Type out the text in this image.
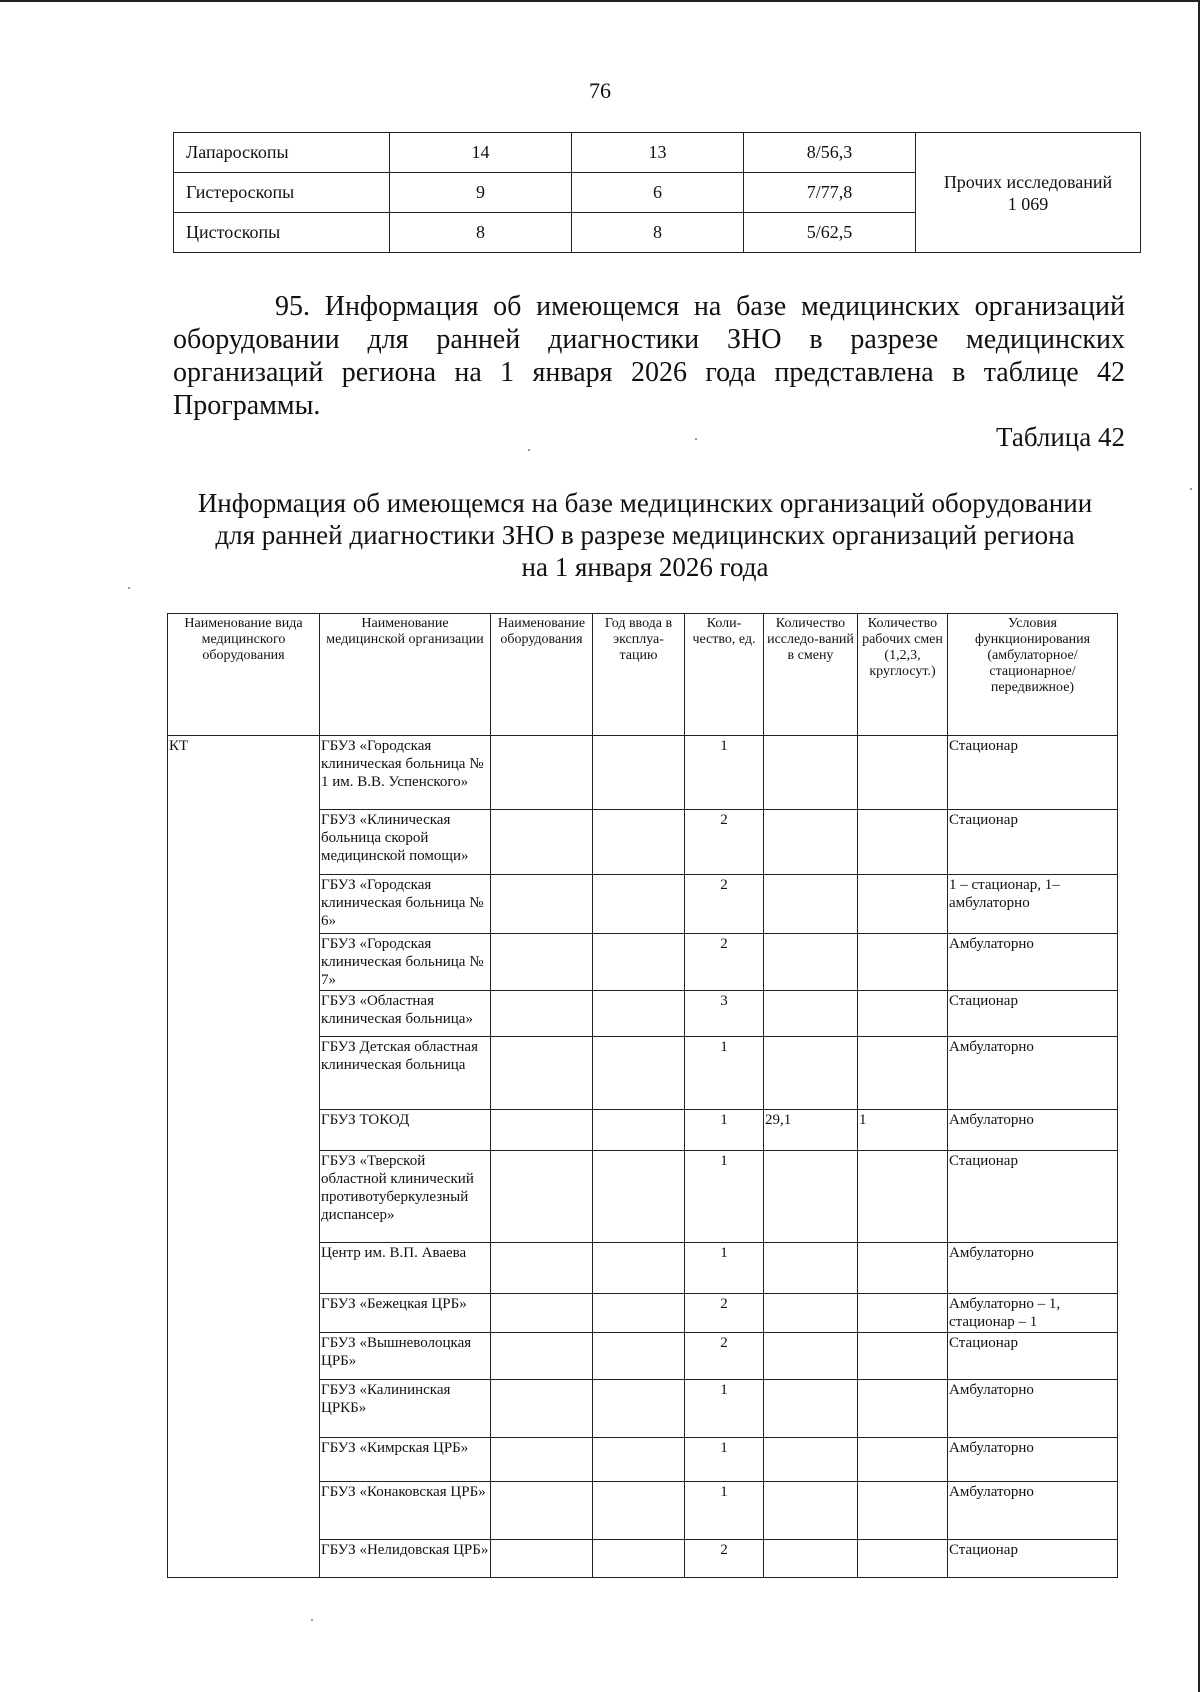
76
Лапароскопы	14	13	8/56,3	Прочих исследований
1 069

Гистероскопы	9	6	7/77,8	
Цистоскопы	8	8	5/62,5	

95. Информация об имеющемся на базе медицинских организаций оборудовании для ранней диагностики ЗНО в разрезе медицинских организаций региона на 1 января 2026 года представлена в таблице 42 Программы.

Таблица 42
Информация об имеющемся на базе медицинских организаций оборудовании
для ранней диагностики ЗНО в разрезе медицинских организаций региона
на 1 января 2026 года
Наименование вида медицинского оборудования	Наименование медицинской организации	Наименование оборудования	Год ввода в эксплуа-тацию	Коли-чество, ед.	Количество исследо-ваний в смену	Количество рабочих смен (1,2,3, круглосут.)	Условия функционирования (амбулаторное/ стационарное/ передвижное)
КТ	ГБУЗ «Городская клиническая больница № 1 им. В.В. Успенского»			1			Стационар
	ГБУЗ «Клиническая больница скорой медицинской помощи»			2			Стационар
	ГБУЗ «Городская клиническая больница № 6»			2			1 – стационар, 1– амбулаторно
	ГБУЗ «Городская клиническая больница № 7»			2			Амбулаторно
	ГБУЗ «Областная клиническая больница»			3			Стационар
	ГБУЗ Детская областная клиническая больница			1			Амбулаторно
	ГБУЗ ТОКОД			1	29,1	1	Амбулаторно
	ГБУЗ «Тверской областной клинический противотуберкулезный диспансер»			1			Стационар
	Центр им. В.П. Аваева			1			Амбулаторно
	ГБУЗ «Бежецкая ЦРБ»			2			Амбулаторно – 1, стационар – 1
	ГБУЗ «Вышневолоцкая ЦРБ»			2			Стационар
	ГБУЗ «Калининская ЦРКБ»			1			Амбулаторно
	ГБУЗ «Кимрская ЦРБ»			1			Амбулаторно
	ГБУЗ «Конаковская ЦРБ»			1			Амбулаторно
	ГБУЗ «Нелидовская ЦРБ»			2			Стационар
